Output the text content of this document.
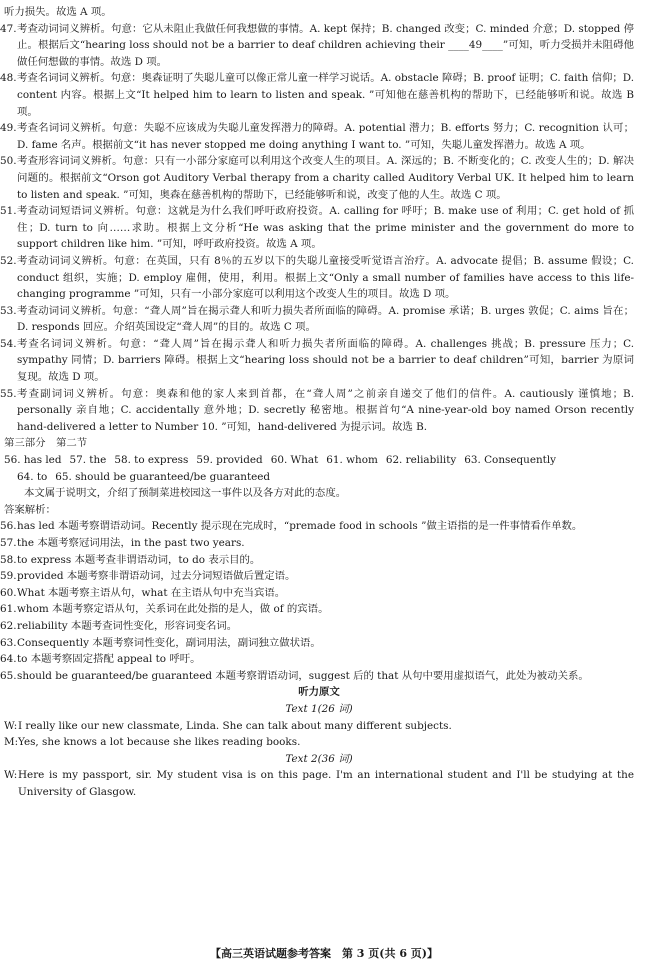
听力损失。故选 A 项。

47. 考查动词词义辨析。句意：它从未阻止我做任何我想做的事情。A. kept 保持；B. changed 改变；C. minded 介意；D. stopped 停止。根据后文“hearing loss should not be a barrier to deaf children achieving their ____49____”可知，听力受损并未阻碍他做任何想做的事情。故选 D 项。

48. 考查名词词义辨析。句意：奥森证明了失聪儿童可以像正常儿童一样学习说话。A. obstacle 障碍；B. proof 证明；C. faith 信仰；D. content 内容。根据上文“It helped him to learn to listen and speak. ”可知他在慈善机构的帮助下，已经能够听和说。故选 B 项。

49. 考查名词词义辨析。句意：失聪不应该成为失聪儿童发挥潜力的障碍。A. potential 潜力；B. efforts 努力；C. recognition 认可；D. fame 名声。根据前文“it has never stopped me doing anything I want to. ”可知，失聪儿童发挥潜力。故选 A 项。

50. 考查形容词词义辨析。句意：只有一小部分家庭可以利用这个改变人生的项目。A. 深远的；B. 不断变化的；C. 改变人生的；D. 解决问题的。根据前文“Orson got Auditory Verbal therapy from a charity called Auditory Verbal UK. It helped him to learn to listen and speak. ”可知，奥森在慈善机构的帮助下，已经能够听和说，改变了他的人生。故选 C 项。

51. 考查动词短语词义辨析。句意：这就是为什么我们呼吁政府投资。A. calling for 呼吁；B. make use of 利用；C. get hold of 抓住；D. turn to 向……求助。根据上文分析“He was asking that the prime minister and the government do more to support children like him. ”可知，呼吁政府投资。故选 A 项。

52. 考查动词词义辨析。句意：在英国，只有 8％的五岁以下的失聪儿童接受听觉语言治疗。A. advocate 提倡；B. assume 假设；C. conduct 组织，实施；D. employ 雇佣，使用，利用。根据上文“Only a small number of families have access to this life-changing programme ”可知，只有一小部分家庭可以利用这个改变人生的项目。故选 D 项。

53. 考查动词词义辨析。句意：“聋人周”旨在揭示聋人和听力损失者所面临的障碍。A. promise 承诺；B. urges 敦促；C. aims 旨在；D. responds 回应。介绍英国设定“聋人周”的目的。故选 C 项。

54. 考查名词词义辨析。句意：“聋人周”旨在揭示聋人和听力损失者所面临的障碍。A. challenges 挑战；B. pressure 压力；C. sympathy 同情；D. barriers 障碍。根据上文“hearing loss should not be a barrier to deaf children”可知，barrier 为原词复现。故选 D 项。

55. 考查副词词义辨析。句意：奥森和他的家人来到首都，在“聋人周”之前亲自递交了他们的信件。A. cautiously 谨慎地；B. personally 亲自地；C. accidentally 意外地；D. secretly 秘密地。根据首句“A nine-year-old boy named Orson recently hand-delivered a letter to Number 10. ”可知，hand-delivered 为提示词。故选 B.

第三部分　第二节

56. has led 57. the 58. to express 59. provided 60. What 61. whom 62. reliability 63. Consequently

64. to 65. should be guaranteed/be guaranteed

本文属于说明文，介绍了预制菜进校园这一事件以及各方对此的态度。

答案解析：

56. has led 本题考察谓语动词。Recently 提示现在完成时，“premade food in schools ”做主语指的是一件事情看作单数。

57. the 本题考察冠词用法，in the past two years.

58. to express 本题考查非谓语动词，to do 表示目的。

59. provided 本题考察非谓语动词，过去分词短语做后置定语。

60. What 本题考察主语从句，what 在主语从句中充当宾语。

61. whom 本题考察定语从句，关系词在此处指的是人，做 of 的宾语。

62. reliability 本题考查词性变化，形容词变名词。

63. Consequently 本题考察词性变化，副词用法，副词独立做状语。

64. to 本题考察固定搭配 appeal to 呼吁。

65. should be guaranteed/be guaranteed 本题考察谓语动词，suggest 后的 that 从句中要用虚拟语气，此处为被动关系。

听力原文

Text 1(26 词)

W: I really like our new classmate, Linda. She can talk about many different subjects.

M: Yes, she knows a lot because she likes reading books.

Text 2(36 词)

W: Here is my passport, sir. My student visa is on this page. I'm an international student and I'll be studying at the University of Glasgow.

【高三英语试题参考答案　第 3 页(共 6 页)】
